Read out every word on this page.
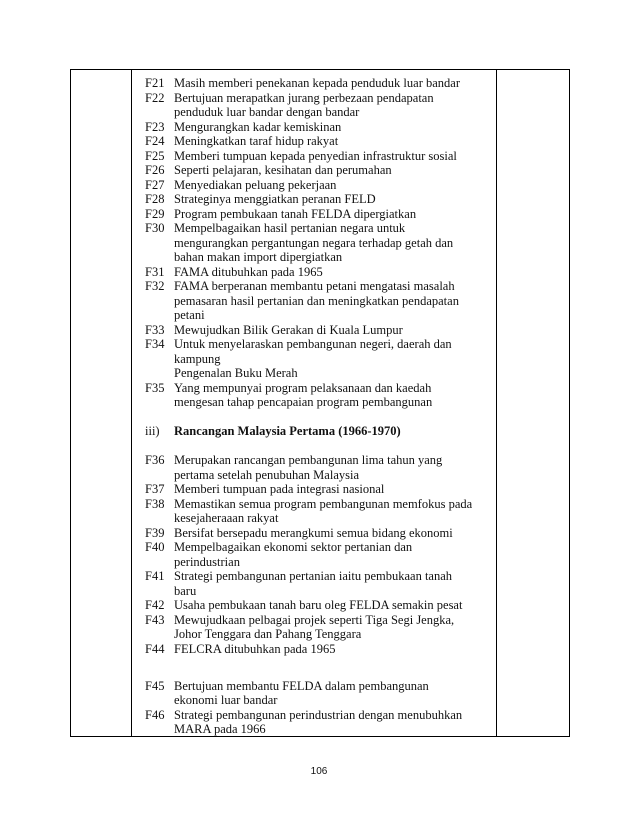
F21 Masih memberi penekanan kepada penduduk luar bandar
F22 Bertujuan merapatkan jurang perbezaan pendapatan
penduduk luar bandar dengan bandar
F23 Mengurangkan kadar kemiskinan
F24 Meningkatkan taraf hidup rakyat
F25 Memberi tumpuan kepada penyedian infrastruktur sosial
F26 Seperti pelajaran, kesihatan dan perumahan
F27 Menyediakan peluang pekerjaan
F28 Strateginya menggiatkan peranan FELD
F29 Program pembukaan tanah FELDA dipergiatkan
F30 Mempelbagaikan hasil pertanian negara untuk
mengurangkan pergantungan negara terhadap getah dan
bahan makan import dipergiatkan
F31 FAMA ditubuhkan pada 1965
F32 FAMA berperanan membantu petani mengatasi masalah
pemasaran hasil pertanian dan meningkatkan pendapatan
petani
F33 Mewujudkan Bilik Gerakan di Kuala Lumpur
F34 Untuk menyelaraskan pembangunan negeri, daerah dan
kampung
Pengenalan Buku Merah
F35 Yang mempunyai program pelaksanaan dan kaedah
mengesan tahap pencapaian program pembangunan
iii)	Rancangan Malaysia Pertama (1966-1970)
F36 Merupakan rancangan pembangunan lima tahun yang
pertama setelah penubuhan Malaysia
F37 Memberi tumpuan pada integrasi nasional
F38 Memastikan semua program pembangunan memfokus pada
kesejaheraaan rakyat
F39 Bersifat bersepadu merangkumi semua bidang ekonomi
F40 Mempelbagaikan ekonomi sektor pertanian dan
perindustrian
F41 Strategi pembangunan pertanian iaitu pembukaan tanah
baru
F42 Usaha pembukaan tanah baru oleg FELDA semakin pesat
F43 Mewujudkaan pelbagai projek seperti Tiga Segi Jengka,
Johor Tenggara dan Pahang Tenggara
F44 FELCRA ditubuhkan pada 1965
F45 Bertujuan membantu FELDA dalam pembangunan
ekonomi luar bandar
F46 Strategi pembangunan perindustrian dengan menubuhkan
MARA pada 1966
106
